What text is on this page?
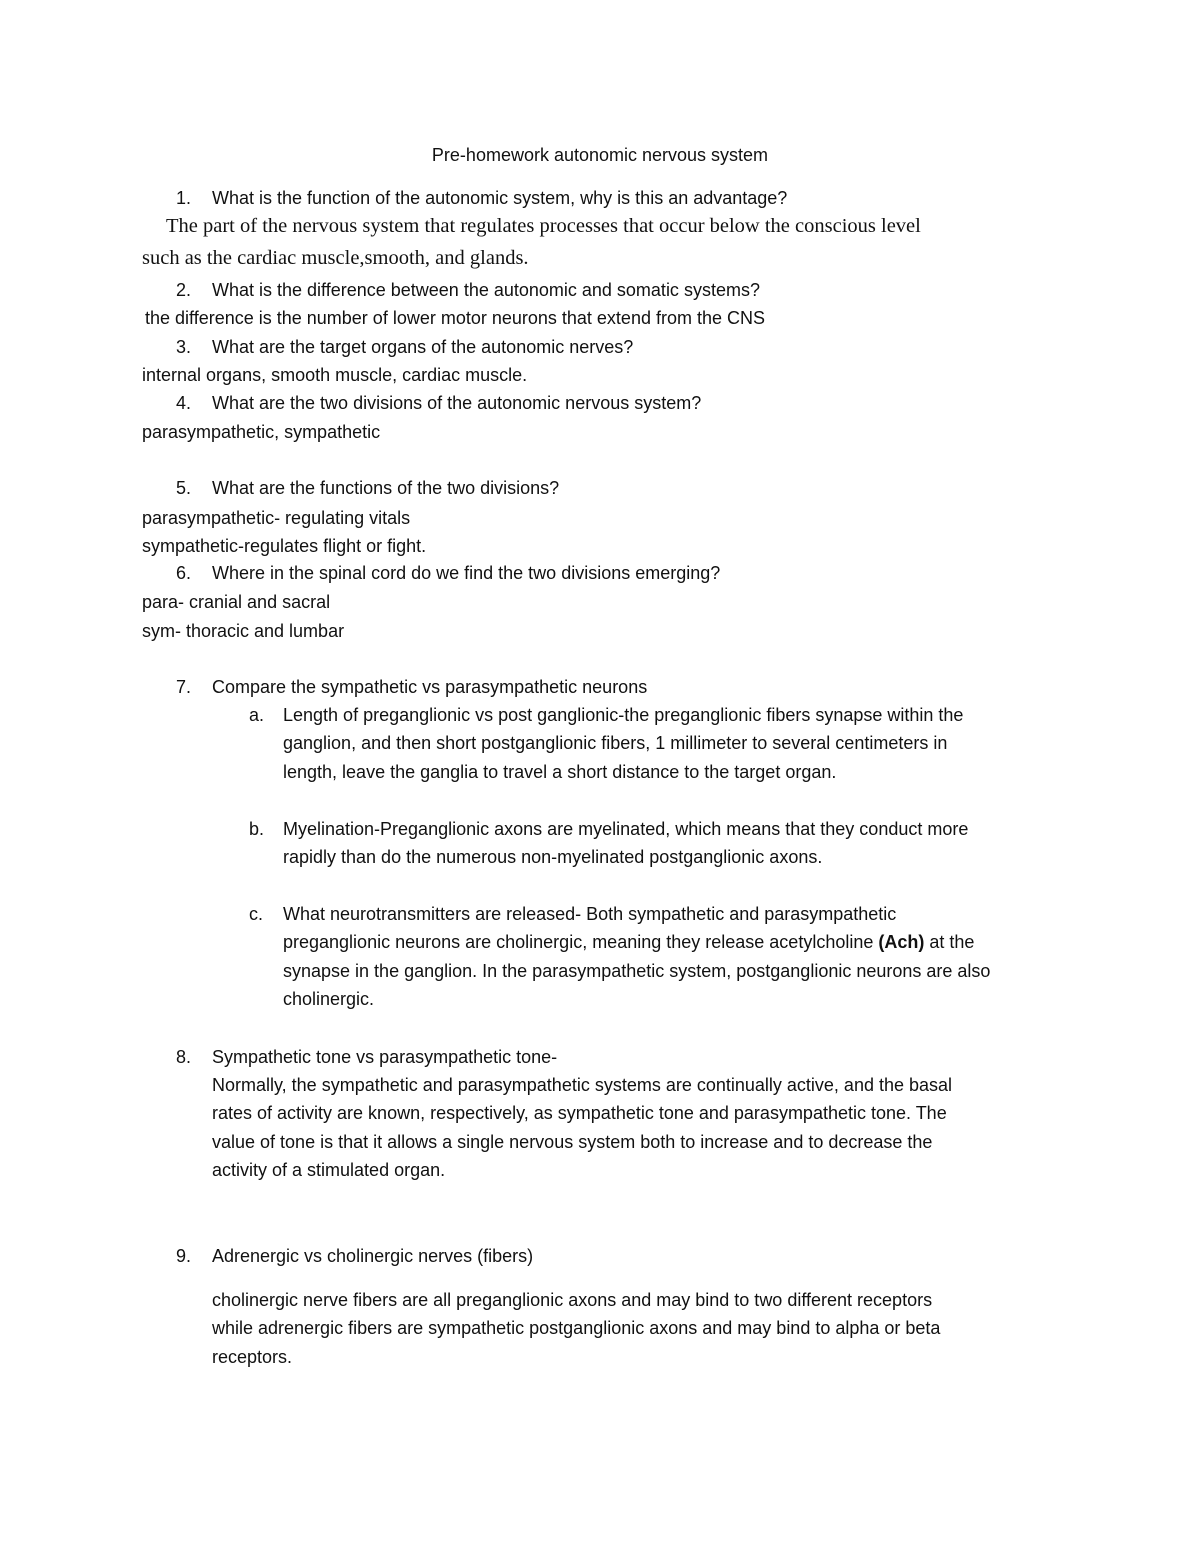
Pre-homework autonomic nervous system
1. What is the function of the autonomic system, why is this an advantage?
The part of the nervous system that regulates processes that occur below the conscious level
such as the cardiac muscle,smooth, and glands.
2. What is the difference between the autonomic and somatic systems?
the difference is the number of lower motor neurons that extend from the CNS
3. What are the target organs of the autonomic nerves?
internal organs, smooth muscle, cardiac muscle.
4. What are the two divisions of the autonomic nervous system?
parasympathetic, sympathetic
5. What are the functions of the two divisions?
parasympathetic- regulating vitals
sympathetic-regulates flight or fight.
6. Where in the spinal cord do we find the two divisions emerging?
para- cranial and sacral
sym- thoracic and lumbar
7. Compare the sympathetic vs parasympathetic neurons
a. Length of preganglionic vs post ganglionic-the preganglionic fibers synapse within the
ganglion, and then short postganglionic fibers, 1 millimeter to several centimeters in
length, leave the ganglia to travel a short distance to the target organ.
b. Myelination-Preganglionic axons are myelinated, which means that they conduct more
rapidly than do the numerous non-myelinated postganglionic axons.
c. What neurotransmitters are released- Both sympathetic and parasympathetic
preganglionic neurons are cholinergic, meaning they release acetylcholine (Ach) at the
synapse in the ganglion. In the parasympathetic system, postganglionic neurons are also
cholinergic.
8. Sympathetic tone vs parasympathetic tone-
Normally, the sympathetic and parasympathetic systems are continually active, and the basal
rates of activity are known, respectively, as sympathetic tone and parasympathetic tone. The
value of tone is that it allows a single nervous system both to increase and to decrease the
activity of a stimulated organ.
9. Adrenergic vs cholinergic nerves (fibers)
cholinergic nerve fibers are all preganglionic axons and may bind to two different receptors
while adrenergic fibers are sympathetic postganglionic axons and may bind to alpha or beta
receptors.
